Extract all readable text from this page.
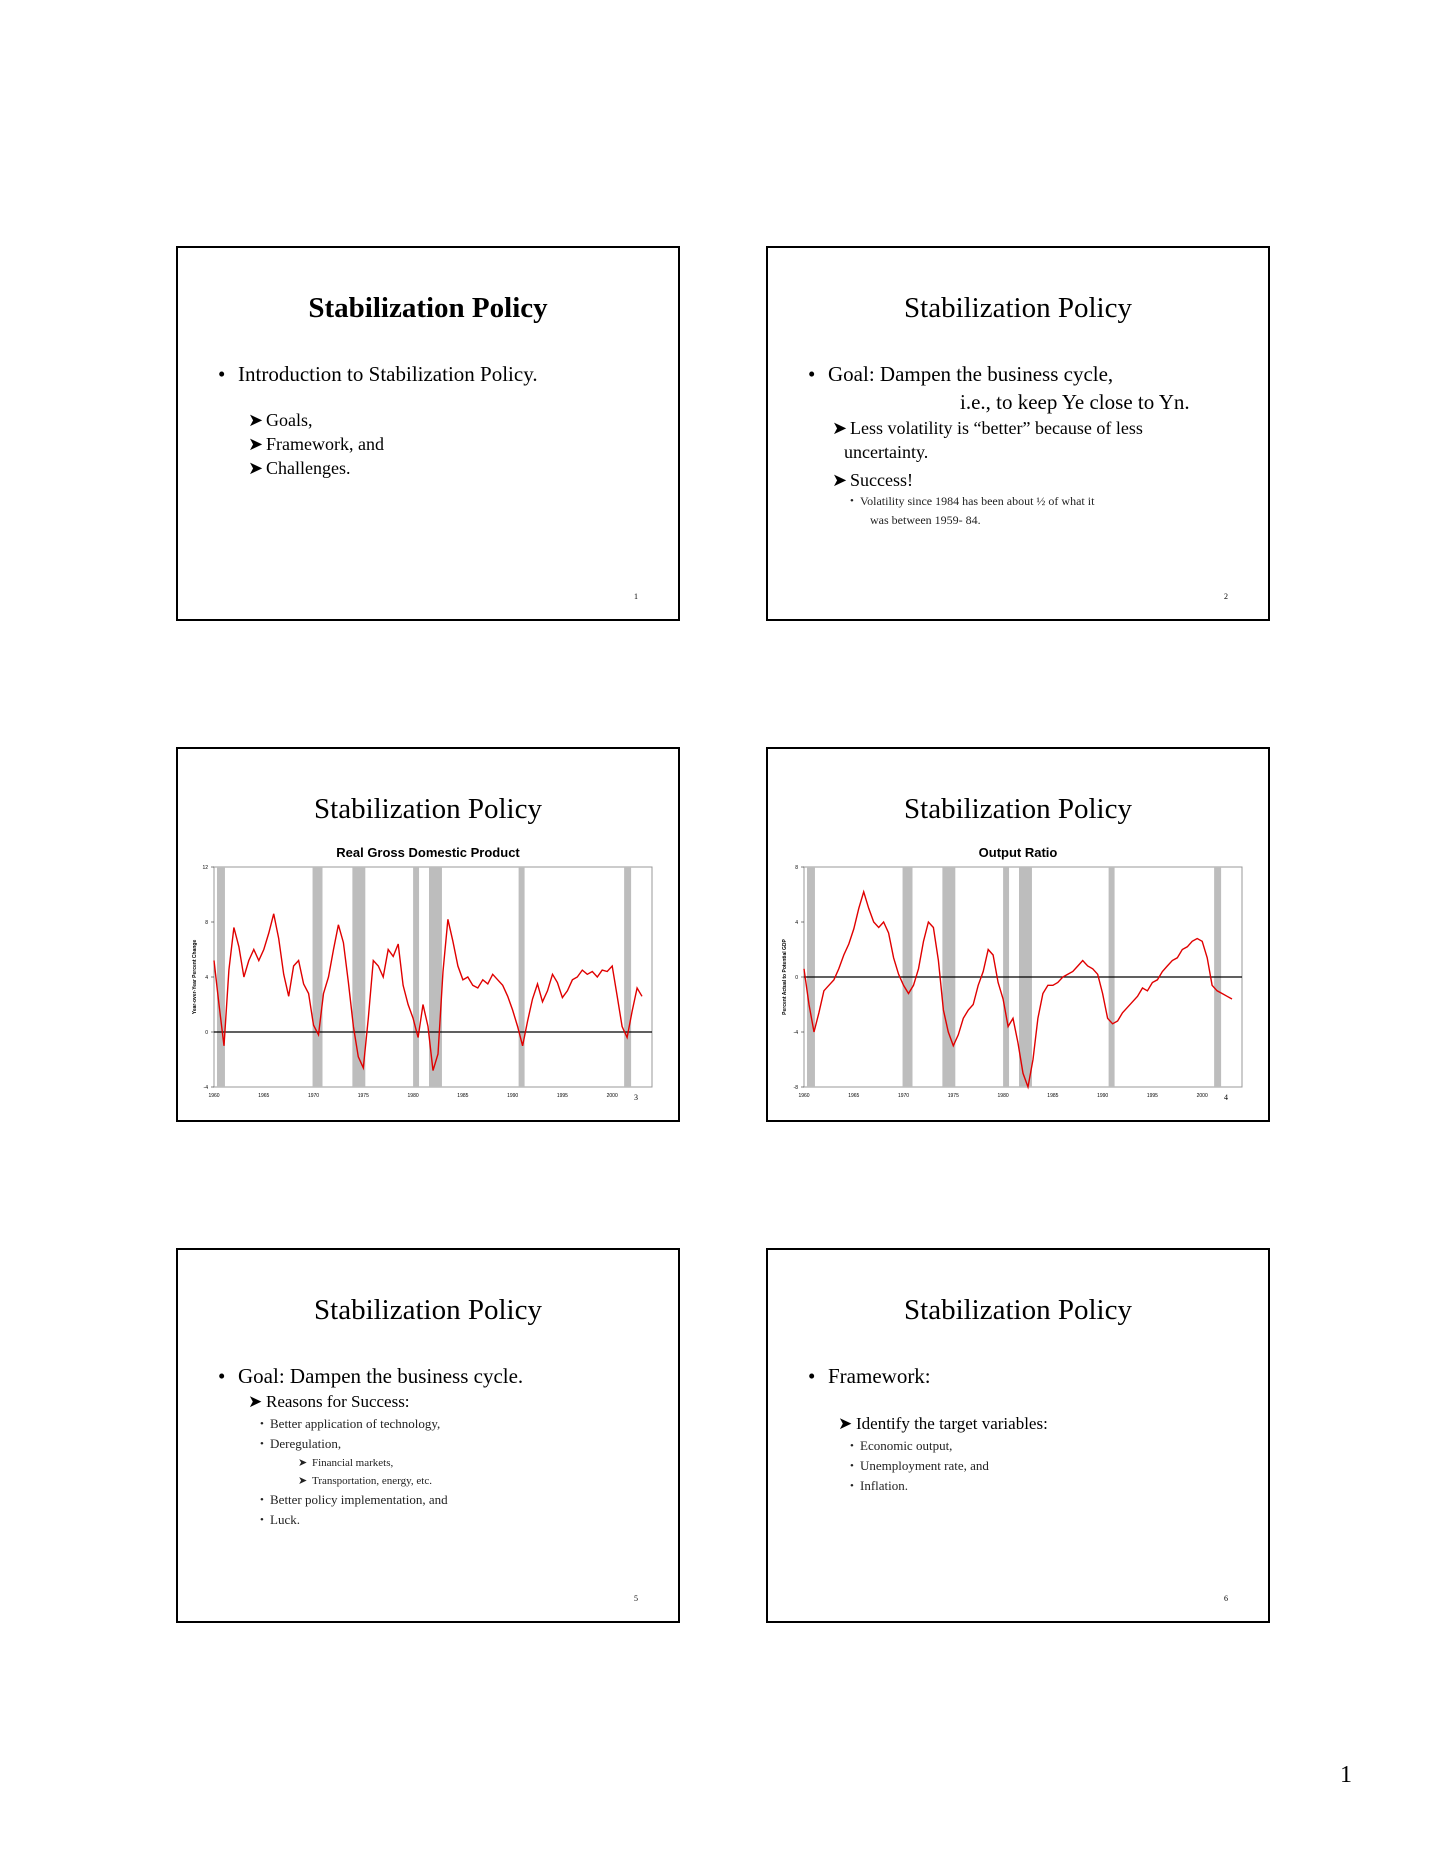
Stabilization Policy
• Introduction to Stabilization Policy.
➤ Goals,
➤ Framework, and
➤ Challenges.
1
Stabilization Policy
• Goal: Dampen the business cycle,
i.e., to keep Ye close to Yn.
➤ Less volatility is “better” because of less
uncertainty.
➤ Success!
• Volatility since 1984 has been about ½ of what it
was between 1959- 84.
2
Stabilization Policy
Real Gross Domestic Product
12
8
4
0
-4
1960	1965	1970	1975	1980	1985	1990	1995	2000
Year-over-Year Percent Change
3
Stabilization Policy
Output Ratio
8
4
0
-4
-8
1960	1965	1970	1975	1980	1985	1990	1995	2000
Percent Actual to Potential GDP
4
Stabilization Policy
• Goal: Dampen the business cycle.
➤ Reasons for Success:
• Better application of technology,
• Deregulation,
➤ Financial markets,
➤ Transportation, energy, etc.
• Better policy implementation, and
• Luck.
5
Stabilization Policy
• Framework:
➤ Identify the target variables:
• Economic output,
• Unemployment rate, and
• Inflation.
6
1
